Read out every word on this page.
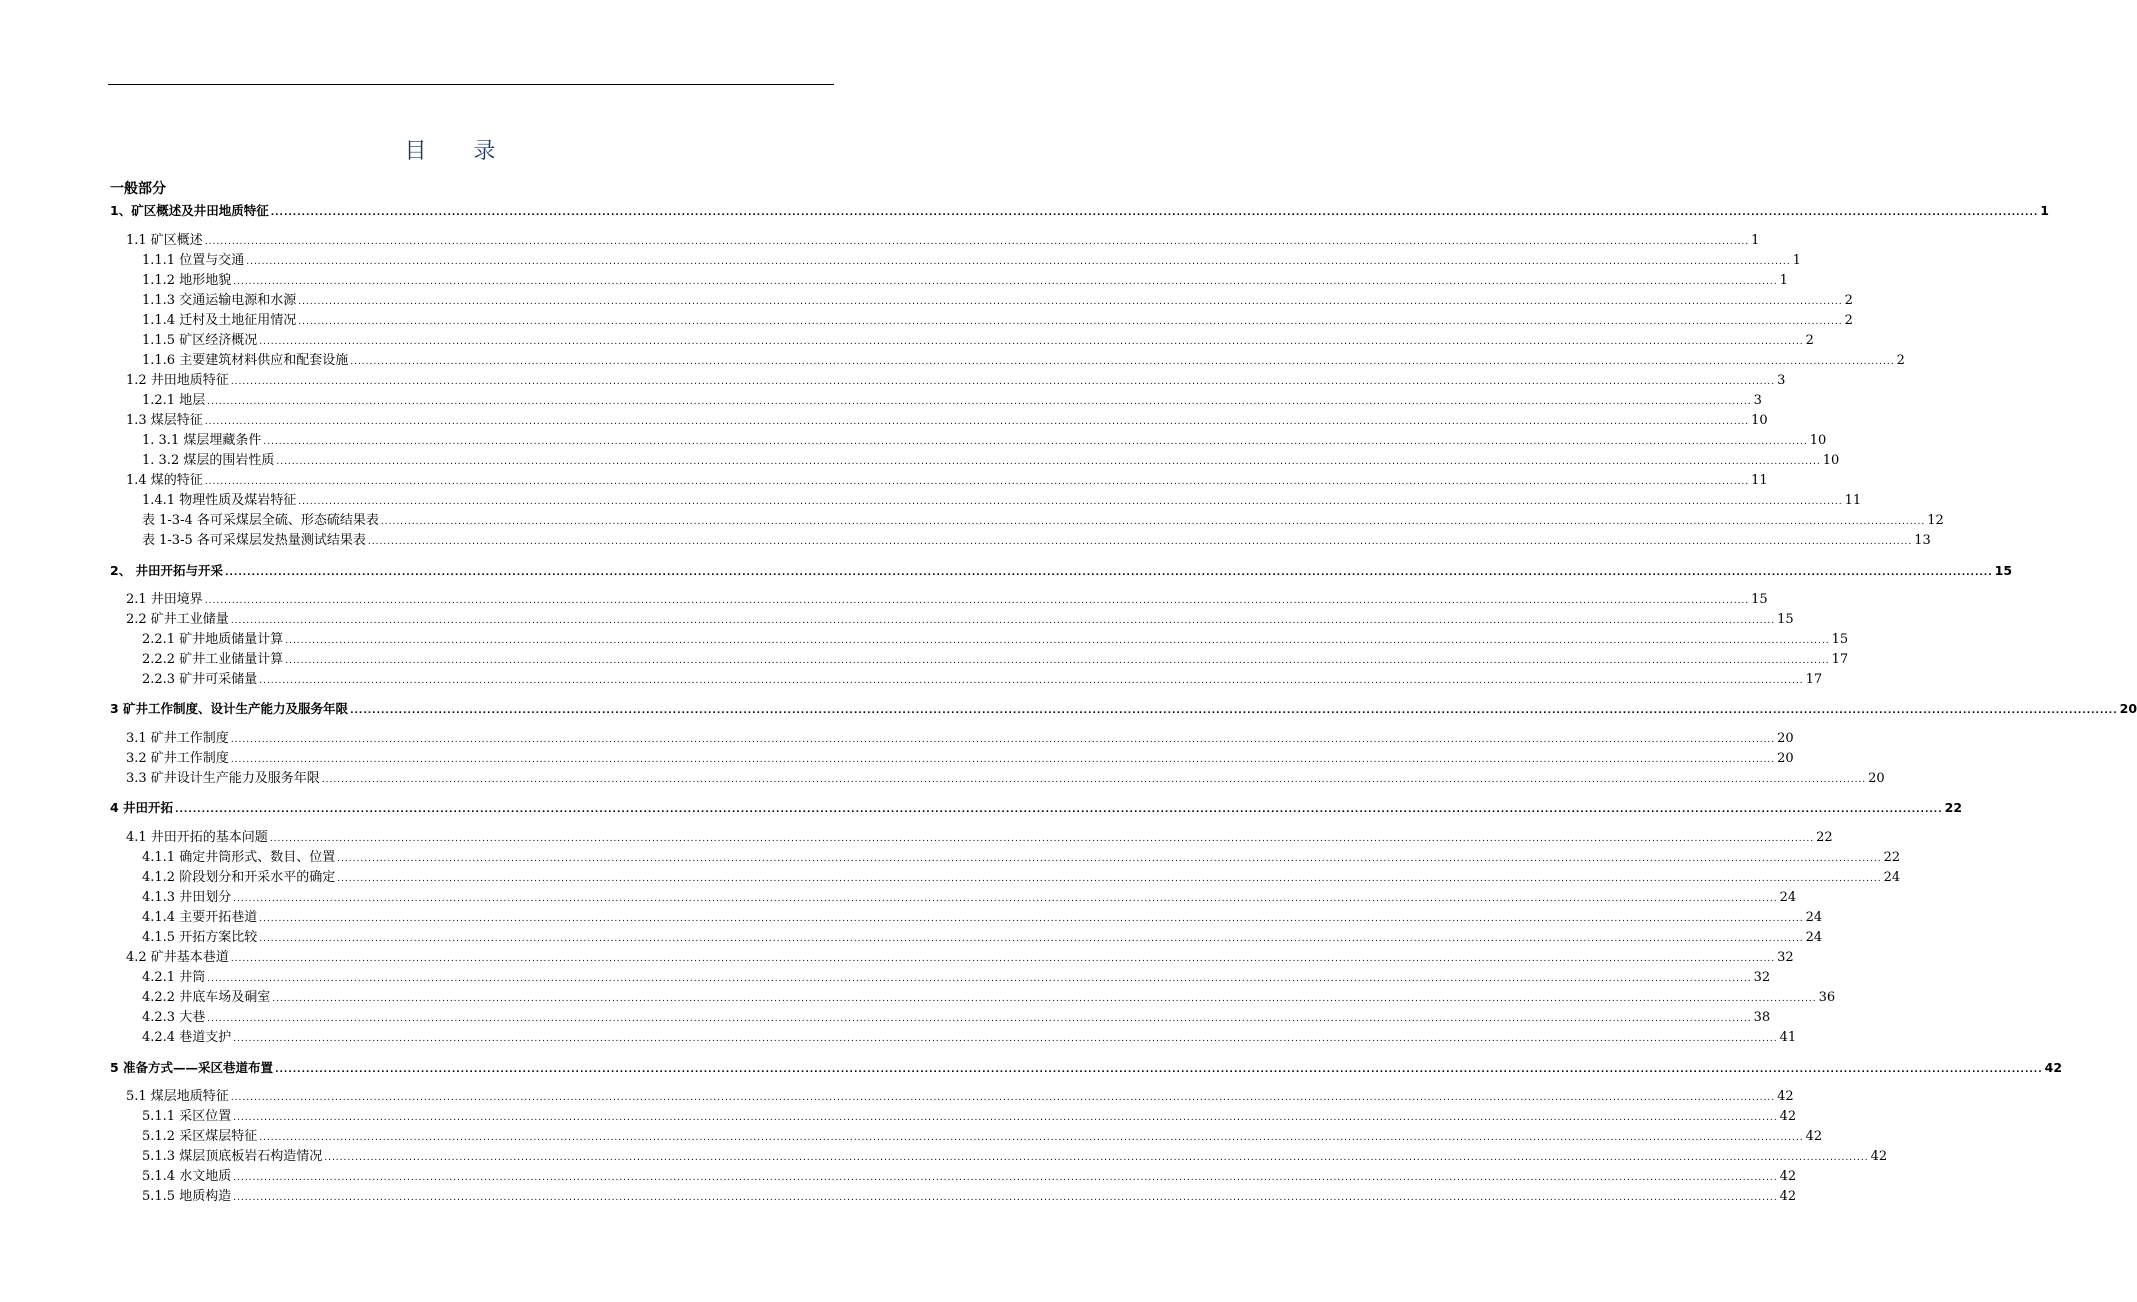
目 录
一般部分
1、矿区概述及井田地质特征 ................................................................................................................................................................................................................................................................................................................................................................................................................ 1
1.1 矿区概述 ................................................................................................................................................................................................................................................................................................................................................................................................................ 1
1.1.1 位置与交通 ................................................................................................................................................................................................................................................................................................................................................................................................................ 1
1.1.2 地形地貌 ................................................................................................................................................................................................................................................................................................................................................................................................................ 1
1.1.3 交通运输电源和水源 ................................................................................................................................................................................................................................................................................................................................................................................................................ 2
1.1.4 迁村及土地征用情况 ................................................................................................................................................................................................................................................................................................................................................................................................................ 2
1.1.5 矿区经济概况 ................................................................................................................................................................................................................................................................................................................................................................................................................ 2
1.1.6 主要建筑材料供应和配套设施 ................................................................................................................................................................................................................................................................................................................................................................................................................ 2
1.2 井田地质特征 ................................................................................................................................................................................................................................................................................................................................................................................................................ 3
1.2.1 地层 ................................................................................................................................................................................................................................................................................................................................................................................................................ 3
1.3 煤层特征 ................................................................................................................................................................................................................................................................................................................................................................................................................ 10
1. 3.1 煤层埋藏条件 ................................................................................................................................................................................................................................................................................................................................................................................................................ 10
1. 3.2 煤层的围岩性质 ................................................................................................................................................................................................................................................................................................................................................................................................................ 10
1.4 煤的特征 ................................................................................................................................................................................................................................................................................................................................................................................................................ 11
1.4.1 物理性质及煤岩特征 ................................................................................................................................................................................................................................................................................................................................................................................................................ 11
表 1-3-4 各可采煤层全硫、形态硫结果表 ................................................................................................................................................................................................................................................................................................................................................................................................................ 12
表 1-3-5 各可采煤层发热量测试结果表 ................................................................................................................................................................................................................................................................................................................................................................................................................ 13
2、 井田开拓与开采 ................................................................................................................................................................................................................................................................................................................................................................................................................ 15
2.1 井田境界 ................................................................................................................................................................................................................................................................................................................................................................................................................ 15
2.2 矿井工业储量 ................................................................................................................................................................................................................................................................................................................................................................................................................ 15
2.2.1 矿井地质储量计算 ................................................................................................................................................................................................................................................................................................................................................................................................................ 15
2.2.2 矿井工业储量计算 ................................................................................................................................................................................................................................................................................................................................................................................................................ 17
2.2.3 矿井可采储量 ................................................................................................................................................................................................................................................................................................................................................................................................................ 17
3 矿井工作制度、设计生产能力及服务年限 ................................................................................................................................................................................................................................................................................................................................................................................................................ 20
3.1 矿井工作制度 ................................................................................................................................................................................................................................................................................................................................................................................................................ 20
3.2 矿井工作制度 ................................................................................................................................................................................................................................................................................................................................................................................................................ 20
3.3 矿井设计生产能力及服务年限 ................................................................................................................................................................................................................................................................................................................................................................................................................ 20
4 井田开拓 ................................................................................................................................................................................................................................................................................................................................................................................................................ 22
4.1 井田开拓的基本问题 ................................................................................................................................................................................................................................................................................................................................................................................................................ 22
4.1.1 确定井筒形式、数目、位置 ................................................................................................................................................................................................................................................................................................................................................................................................................ 22
4.1.2 阶段划分和开采水平的确定 ................................................................................................................................................................................................................................................................................................................................................................................................................ 24
4.1.3 井田划分 ................................................................................................................................................................................................................................................................................................................................................................................................................ 24
4.1.4 主要开拓巷道 ................................................................................................................................................................................................................................................................................................................................................................................................................ 24
4.1.5 开拓方案比较 ................................................................................................................................................................................................................................................................................................................................................................................................................ 24
4.2 矿井基本巷道 ................................................................................................................................................................................................................................................................................................................................................................................................................ 32
4.2.1 井筒 ................................................................................................................................................................................................................................................................................................................................................................................................................ 32
4.2.2 井底车场及硐室 ................................................................................................................................................................................................................................................................................................................................................................................................................ 36
4.2.3 大巷 ................................................................................................................................................................................................................................................................................................................................................................................................................ 38
4.2.4 巷道支护 ................................................................................................................................................................................................................................................................................................................................................................................................................ 41
5 准备方式——采区巷道布置 ................................................................................................................................................................................................................................................................................................................................................................................................................ 42
5.1 煤层地质特征 ................................................................................................................................................................................................................................................................................................................................................................................................................ 42
5.1.1 采区位置 ................................................................................................................................................................................................................................................................................................................................................................................................................ 42
5.1.2 采区煤层特征 ................................................................................................................................................................................................................................................................................................................................................................................................................ 42
5.1.3 煤层顶底板岩石构造情况 ................................................................................................................................................................................................................................................................................................................................................................................................................ 42
5.1.4 水文地质 ................................................................................................................................................................................................................................................................................................................................................................................................................ 42
5.1.5 地质构造 ................................................................................................................................................................................................................................................................................................................................................................................................................ 42
